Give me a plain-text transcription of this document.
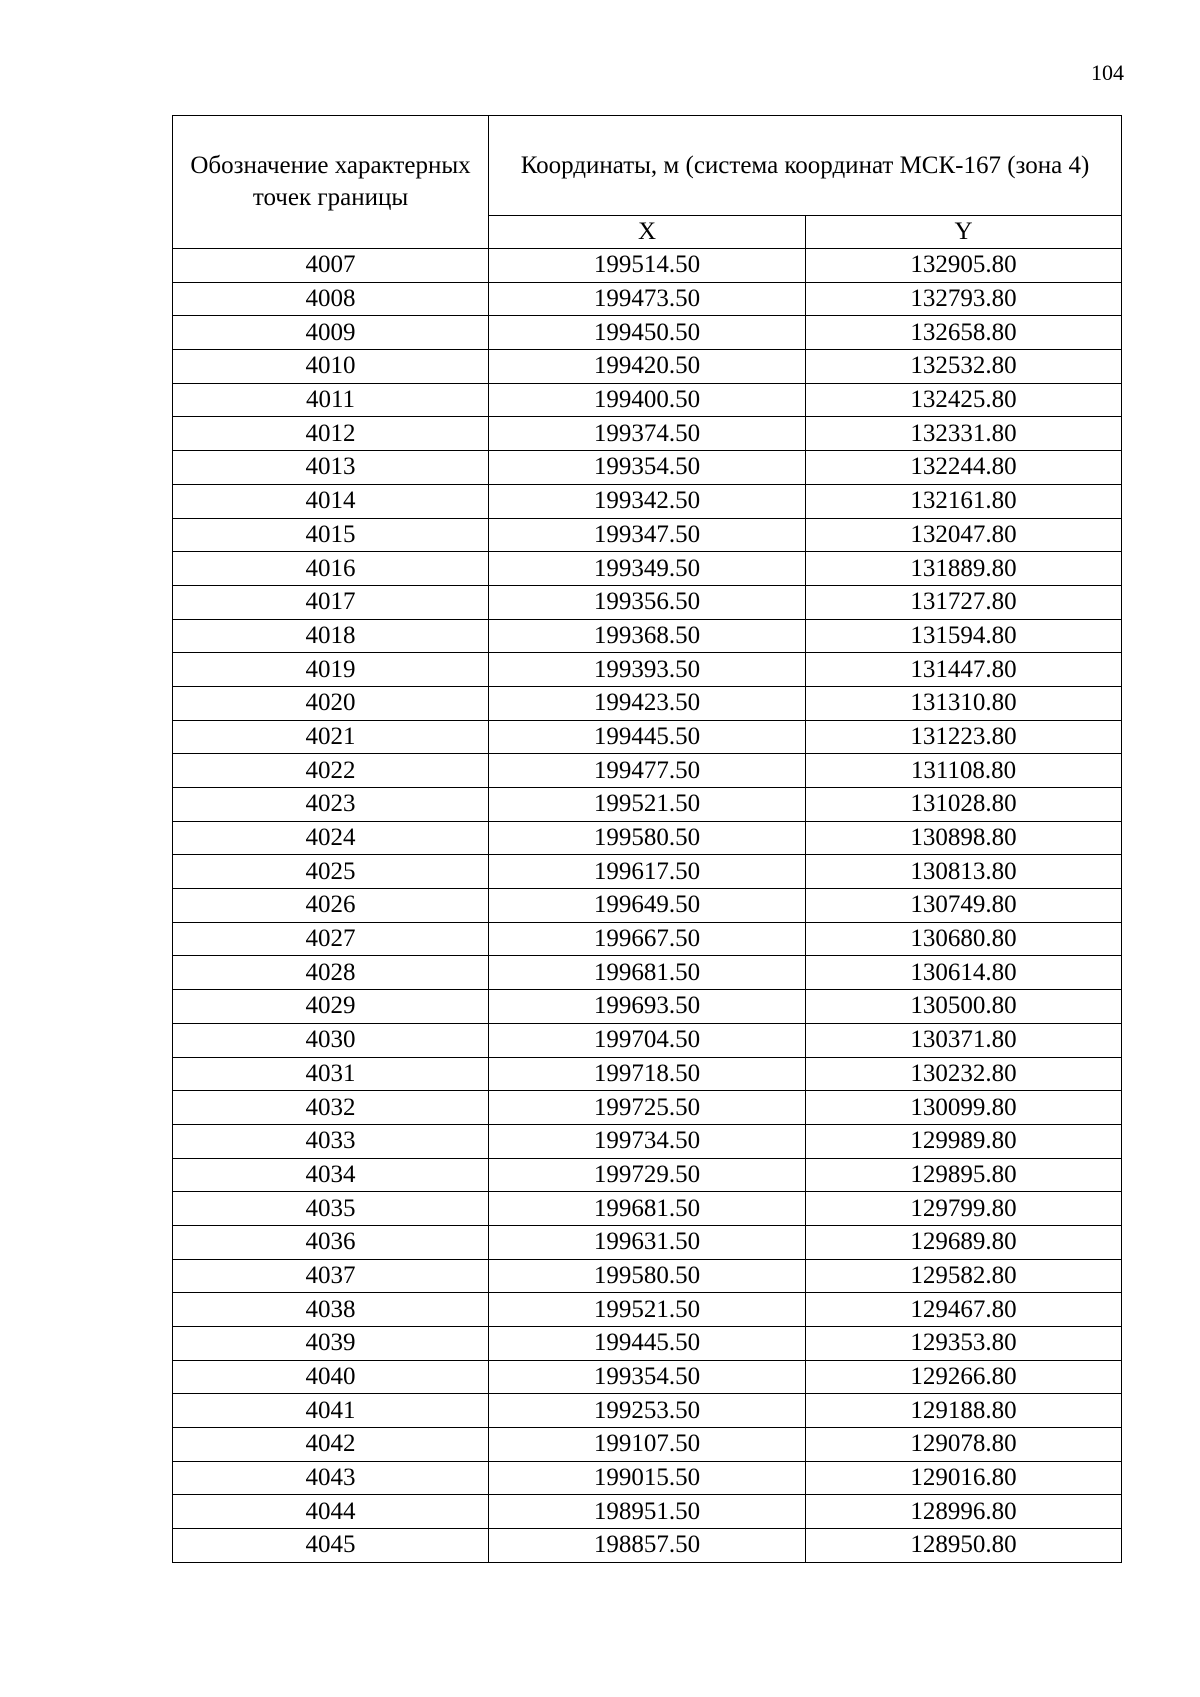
104
Обозначение характерных точек границы	Координаты, м (система координат МСК-167 (зона 4)	
	X	Y
4007	199514.50	132905.80
4008	199473.50	132793.80
4009	199450.50	132658.80
4010	199420.50	132532.80
4011	199400.50	132425.80
4012	199374.50	132331.80
4013	199354.50	132244.80
4014	199342.50	132161.80
4015	199347.50	132047.80
4016	199349.50	131889.80
4017	199356.50	131727.80
4018	199368.50	131594.80
4019	199393.50	131447.80
4020	199423.50	131310.80
4021	199445.50	131223.80
4022	199477.50	131108.80
4023	199521.50	131028.80
4024	199580.50	130898.80
4025	199617.50	130813.80
4026	199649.50	130749.80
4027	199667.50	130680.80
4028	199681.50	130614.80
4029	199693.50	130500.80
4030	199704.50	130371.80
4031	199718.50	130232.80
4032	199725.50	130099.80
4033	199734.50	129989.80
4034	199729.50	129895.80
4035	199681.50	129799.80
4036	199631.50	129689.80
4037	199580.50	129582.80
4038	199521.50	129467.80
4039	199445.50	129353.80
4040	199354.50	129266.80
4041	199253.50	129188.80
4042	199107.50	129078.80
4043	199015.50	129016.80
4044	198951.50	128996.80
4045	198857.50	128950.80
